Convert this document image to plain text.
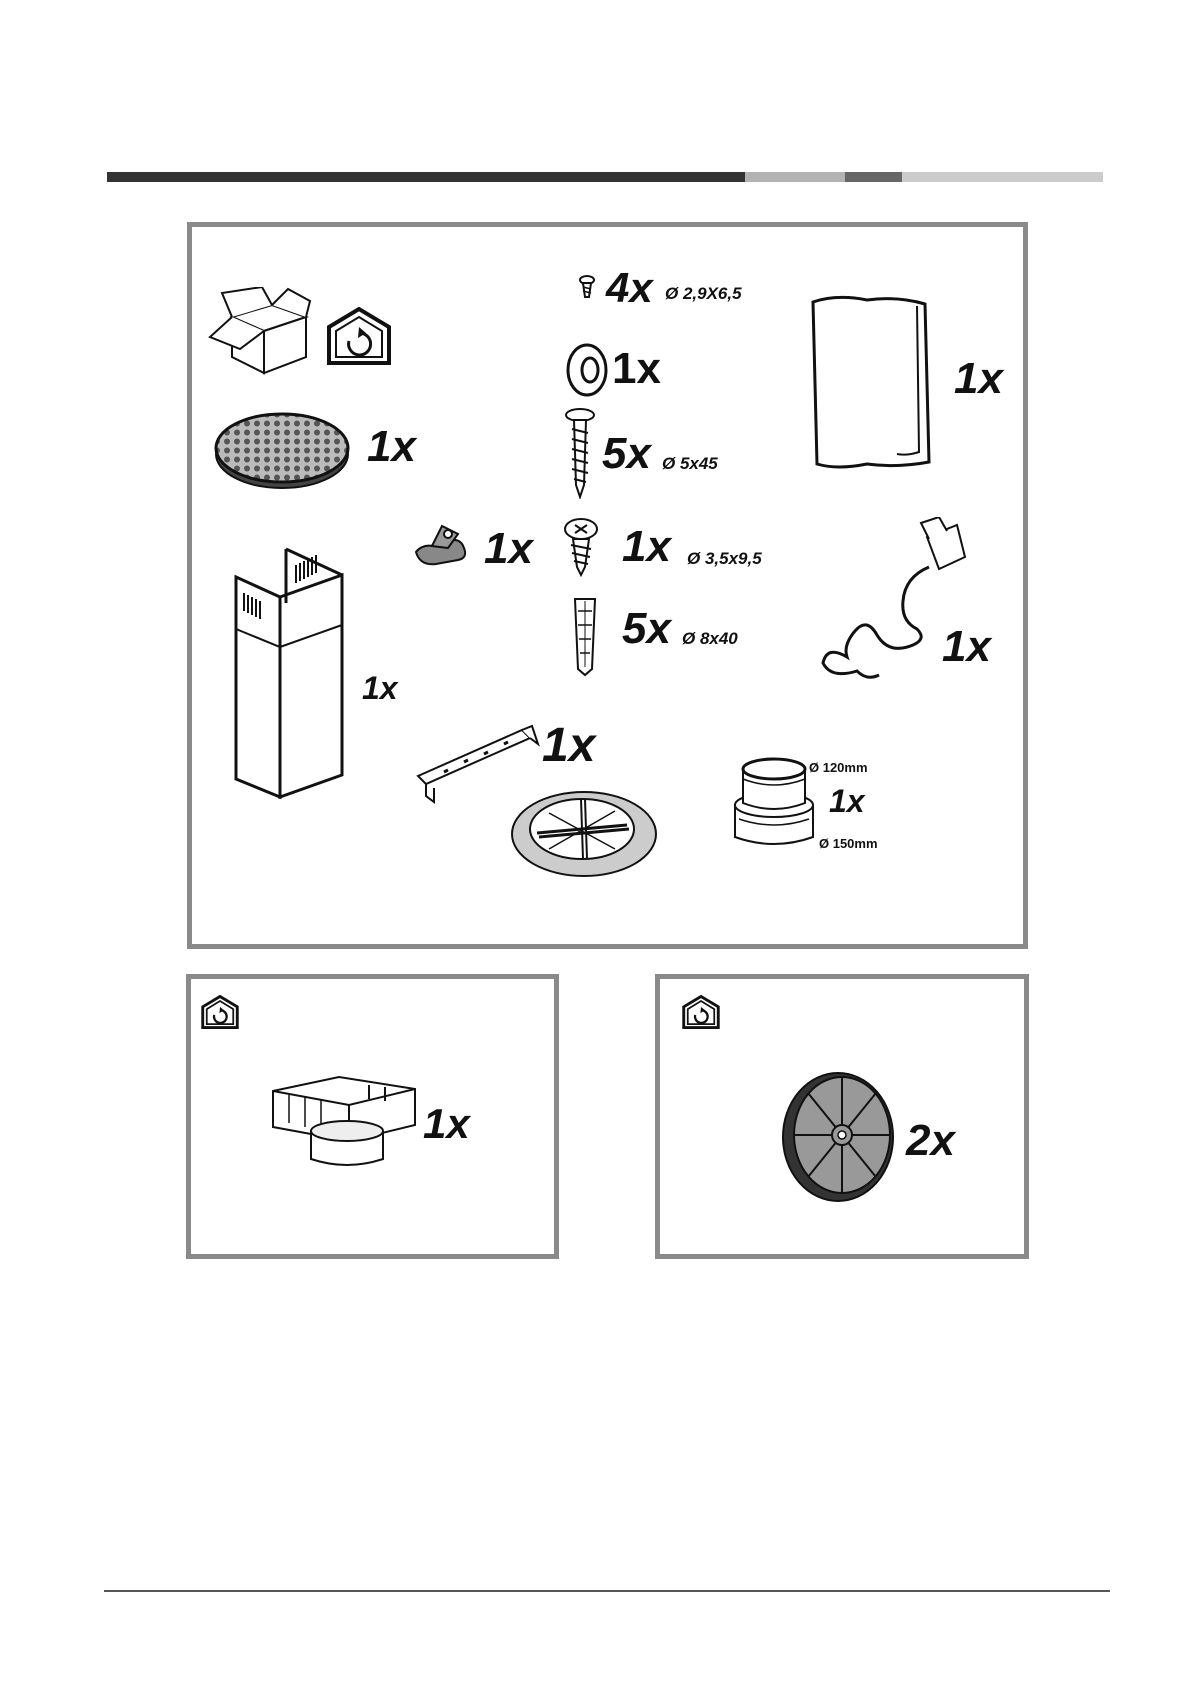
1x
4x Ø 2,9X6,5
1x
5x Ø 5x45
1x
1x 1x Ø 3,5x9,5
5x Ø 8x40	1x
1x
1x	Ø 120mm
1x
Ø 150mm
1x	2x
